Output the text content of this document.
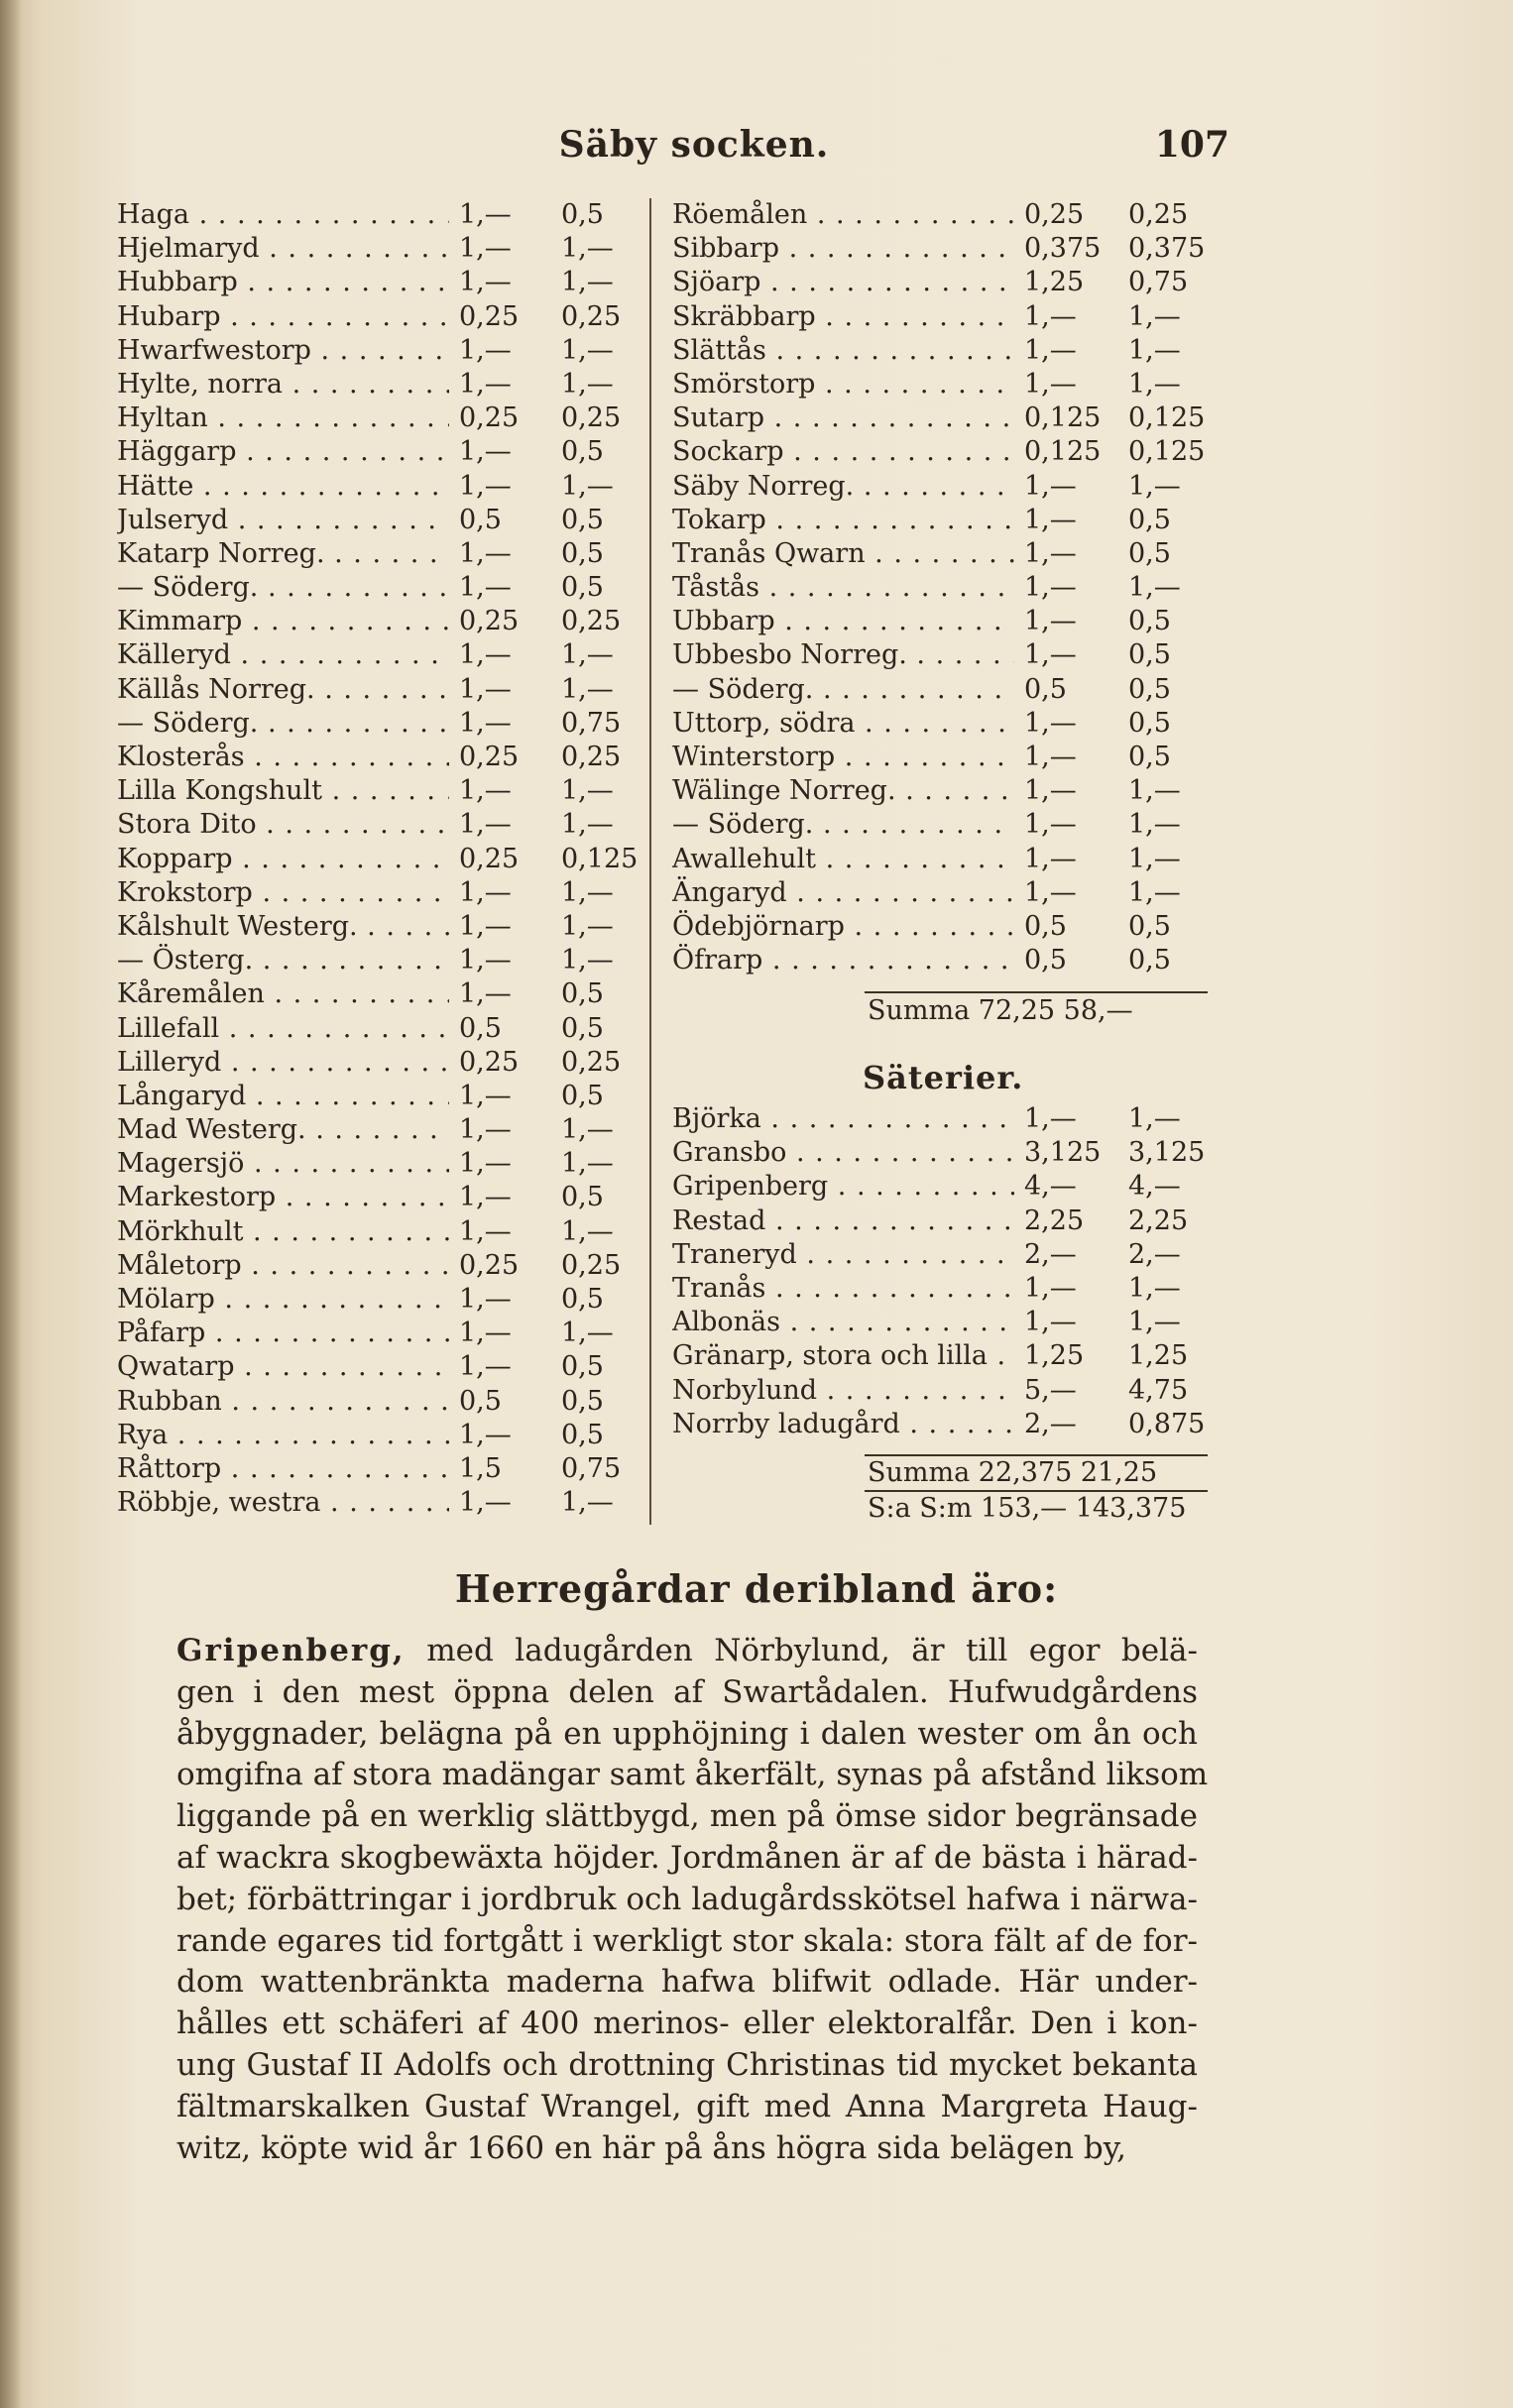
Säby socken.	107
Haga . . .	1,— 0,5
Hjelmaryd . . .	1,— 1,—
Hubbarp . . .	1,— 1,—
Hubarp . . .	0,25 0,25
Hwarfwestorp . . .	1,— 1,—
Hylte, norra . . .	1,— 1,—
Hyltan . . .	0,25 0,25
Häggarp . . .	1,— 0,5
Hätte . . .	1,— 1,—
Julseryd . . .	0,5 0,5
Katarp Norreg. . . .	1,— 0,5
— Söderg. . . .	1,— 0,5
Kimmarp . . .	0,25 0,25
Källeryd . . .	1,— 1,—
Källås Norreg. . . .	1,— 1,—
— Söderg. . . .	1,— 0,75
Klosterås . . .	0,25 0,25
Lilla Kongshult . . .	1,— 1,—
Stora Dito . . .	1,— 1,—
Kopparp . . .	0,25 0,125
Krokstorp . . .	1,— 1,—
Kålshult Westerg. . . .	1,— 1,—
— Österg. . . .	1,— 1,—
Kåremålen . . .	1,— 0,5
Lillefall . . .	0,5 0,5
Lilleryd . . .	0,25 0,25
Långaryd . . .	1,— 0,5
Mad Westerg. . . .	1,— 1,—
Magersjö . . .	1,— 1,—
Markestorp . . .	1,— 0,5
Mörkhult . . .	1,— 1,—
Måletorp . . .	0,25 0,25
Mölarp . . .	1,— 0,5
Påfarp . . .	1,— 1,—
Qwatarp . . .	1,— 0,5
Rubban . . .	0,5 0,5
Rya . . .	1,— 0,5
Råttorp . . .	1,5 0,75
Röbbje, westra . . .	1,— 1,—
Röemålen . . .	0,25 0,25
Sibbarp . . .	0,375 0,375
Sjöarp . . .	1,25 0,75
Skräbbarp . . .	1,— 1,—
Slättås . . .	1,— 1,—
Smörstorp . . .	1,— 1,—
Sutarp . . .	0,125 0,125
Sockarp . . .	0,125 0,125
Säby Norreg. . . .	1,— 1,—
Tokarp . . .	1,— 0,5
Tranås Qwarn . . .	1,— 0,5
Tåstås . . .	1,— 1,—
Ubbarp . . .	1,— 0,5
Ubbesbo Norreg. . . .	1,— 0,5
— Söderg. . . .	0,5 0,5
Uttorp, södra . . .	1,— 0,5
Winterstorp . . .	1,— 0,5
Wälinge Norreg. . . .	1,— 1,—
— Söderg. . . .	1,— 1,—
Awallehult . . .	1,— 1,—
Ängaryd . . .	1,— 1,—
Ödebjörnarp . . .	0,5 0,5
Öfrarp . . .	0,5 0,5
Summa 72,25 58,—
Säterier.
Björka . . .	1,— 1,—
Gransbo . . .	3,125 3,125
Gripenberg . . .	4,— 4,—
Restad . . .	2,25 2,25
Traneryd . . .	2,— 2,—
Tranås . . .	1,— 1,—
Albonäs . . .	1,— 1,—
Gränarp, stora och lilla . . .	1,25 1,25
Norbylund . . .	5,— 4,75
Norrby ladugård . . .	2,— 0,875
Summa 22,375 21,25
S:a S:m 153,— 143,375
Herregårdar deribland äro:
Gripenberg, med ladugården Nörbylund, är till egor belä-
gen i den mest öppna delen af Swartådalen. Hufwudgårdens
åbyggnader, belägna på en upphöjning i dalen wester om ån och
omgifna af stora madängar samt åkerfält, synas på afstånd liksom
liggande på en werklig slättbygd, men på ömse sidor begränsade
af wackra skogbewäxta höjder. Jordmånen är af de bästa i härad-
bet; förbättringar i jordbruk och ladugårdsskötsel hafwa i närwa-
rande egares tid fortgått i werkligt stor skala: stora fält af de for-
dom wattenbränkta maderna hafwa blifwit odlade. Här under-
hålles ett schäferi af 400 merinos- eller elektoralfår. Den i kon-
ung Gustaf II Adolfs och drottning Christinas tid mycket bekanta
fältmarskalken Gustaf Wrangel, gift med Anna Margreta Haug-
witz, köpte wid år 1660 en här på åns högra sida belägen by,
